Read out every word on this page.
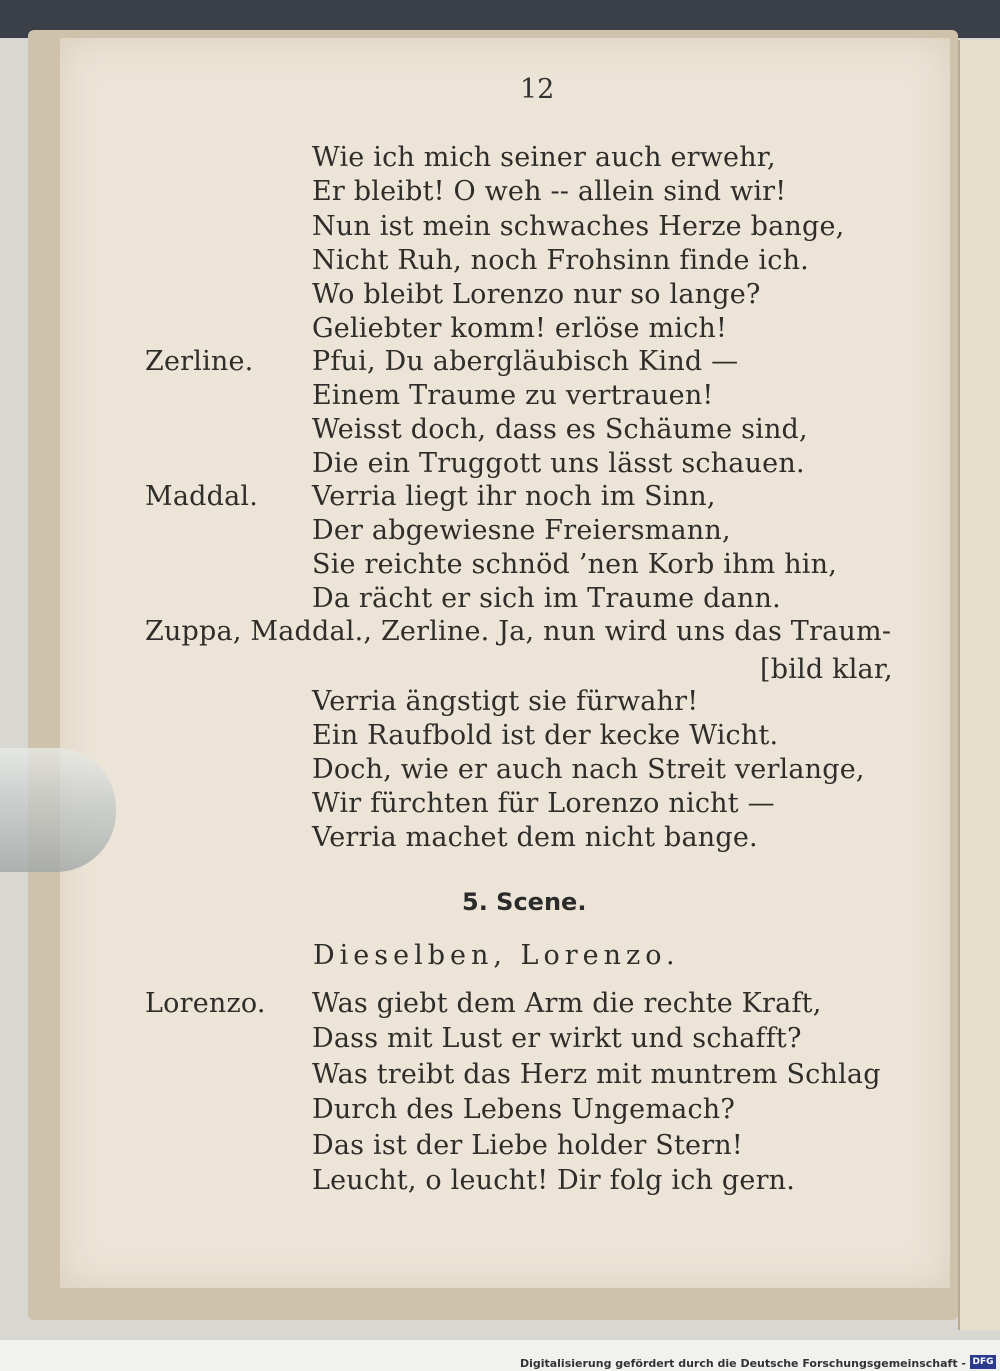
12
Wie ich mich seiner auch erwehr,
Er bleibt! O weh -- allein sind wir!
Nun ist mein schwaches Herze bange,
Nicht Ruh, noch Frohsinn finde ich.
Wo bleibt Lorenzo nur so lange?
Geliebter komm! erlöse mich!
Zerline. Pfui, Du abergläubisch Kind —
Einem Traume zu vertrauen!
Weisst doch, dass es Schäume sind,
Die ein Truggott uns lässt schauen.
Maddal. Verria liegt ihr noch im Sinn,
Der abgewiesne Freiersmann,
Sie reichte schnöd ’nen Korb ihm hin,
Da rächt er sich im Traume dann.
Zuppa, Maddal., Zerline. Ja, nun wird uns das Traum-
[bild klar,
Verria ängstigt sie fürwahr!
Ein Raufbold ist der kecke Wicht.
Doch, wie er auch nach Streit verlange,
Wir fürchten für Lorenzo nicht —
Verria machet dem nicht bange.
5. Scene.
Dieselben, Lorenzo.
Lorenzo. Was giebt dem Arm die rechte Kraft,
Dass mit Lust er wirkt und schafft?
Was treibt das Herz mit muntrem Schlag
Durch des Lebens Ungemach?
Das ist der Liebe holder Stern!
Leucht, o leucht! Dir folg ich gern.
Digitalisierung gefördert durch die Deutsche Forschungsgemeinschaft - DFG
